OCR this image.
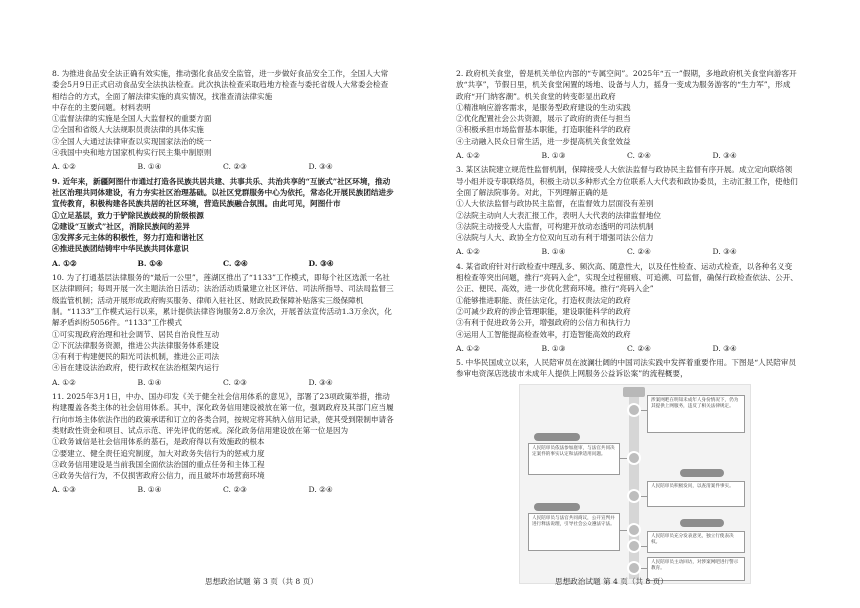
8. 为推进食品安全法正确有效实施，推动强化食品安全监管，进一步做好食品安全工作，全国人大常委会5月9日正式启动食品安全法执法检查。此次执法检查采取趋地方检查与委托省级人大常委会检查相结合的方式，全面了解法律实施的真实情况，找准查清法律实施

中存在的主要问题。材料表明

①监督法律的实施是全国人大监督权的重要方面

②全国和省级人大法规职员责法律的具体实施

③全国人大通过法律审查以实现国家法治的统一

④我国中央和地方国家机构实行民主集中制原则

A. ①②	B. ①④	C. ②③	D. ③④

9. 近年来，新疆阿图什市通过打造各民族共居共建、共事共乐、共治共享的“互嵌式”社区环境，推动社区治理共同体建设，有力夯实社区治理基础。以社区党群服务中心为依托，常态化开展民族团结进步宣传教育，积极构建各民族共居的社区环境，营造民族融合氛围。由此可见，阿图什市

①立足基层，致力于铲除民族歧视的阶级根源

②建设“互嵌式”社区，消除民族间的差异

③发挥多元主体的积极性，努力打造和谐社区

④推进民族团结铸牢中华民族共同体意识

A. ①②	B. ①④	C. ②④	D. ③④

10. 为了打通基层法律服务的“最后一公里”，莲湖区推出了“1133”工作模式，即每个社区选派一名社区法律顾问；每周开展一次主题法治日活动；法治活动质量建立社区评估、司法所指导、司法局监督三级监管机制；活动开展形成政府购买服务、律师入驻社区、财政民政保障补贴落实三级保障机制。“1133”工作模式运行以来，累计提供法律咨询服务2.8万余次，开展普法宣传活动1.3万余次，化解矛盾纠纷5056件。“1133”工作模式

①可实现政府治理和社会调节、居民自治良性互动

②下沉法律服务资源，推进公共法律服务体系建设

③有利于构建便民的阳光司法机制，推进公正司法

④旨在建设法治政府，使行政权在法治框架内运行

A. ①②	B. ①④	C. ②③	D. ③④

11. 2025年3月1日，中办、国办印发《关于健全社会信用体系的意见》，部署了23项政策举措，推动构建覆盖各类主体的社会信用体系。其中，深化政务信用建设被放在第一位，强调政府及其部门应当履行向市场主体依法作出的政策承诺和订立的各类合同，按规定将其纳入信用记录，使其受到限制申请各类财政性资金和项目、试点示范、评先评优的惩戒。深化政务信用建设放在第一位是因为

①政务诚信是社会信用体系的基石，是政府得以有效施政的根本

②要建立、健全责任追究制度，加大对政务失信行为的惩戒力度

③政务信用建设是当前我国全面依法治国的重点任务和主体工程

④政务失信行为，不仅损害政府公信力，而且破坏市场营商环境

A. ①③	B. ①④	C. ②③	D. ②④

思想政治试题 第 3 页（共 8 页）

2. 政府机关食堂，曾是机关单位内部的“专属空间”。2025年“五一”假期，多地政府机关食堂向游客开放“共享”，节假日里，机关食堂闲置的场地、设备与人力，摇身一变成为服务游客的“生力军”，形成政府“开门纳客潮”。机关食堂的转变彰显出政府

①精准响应游客需求，是服务型政府建设的生动实践

②优化配置社会公共资源，展示了政府的责任与担当

③积极承担市场监督基本职能，打造职能科学的政府

④主动融入民众日常生活，进一步提高机关食堂效益

A. ①②	B. ①③	C. ②④	D. ③④

3. 某区法院建立规范性监督机制，保障接受人大依法监督与政协民主监督有序开展。成立定向联络领导小组并设专职联络员，积极主动以多种形式全方位联系人大代表和政协委员，主动汇报工作，使他们全面了解法院事务。对此，下列理解正确的是

①人大依法监督与政协民主监督，在监督效力层面没有差别

②法院主动向人大表汇报工作，表明人大代表的法律监督地位

③法院主动接受人大监督，可构建开放动态透明的司法机制

④法院与人大、政协全方位双向互动有利于增强司法公信力

A. ①②	B. ①④	C. ②④	D. ③④

4. 某省政府针对行政检查中理乱多、频次高、随意性大，以及任性检查、运动式检查，以各种名义变相检查等突出问题，推行“亮码入企”，实现全过程留痕、可追溯、可监督，确保行政检查依法、公开、公正、便民、高效，进一步优化营商环境。推行“亮码入企”

①能够推进职能、责任法定化，打造权责法定的政府

②可减少政府的涉企管理职能，建设职能科学的政府

③有利于促进政务公开，增强政府的公信力和执行力

④运用人工智能提高检查效率，打造智能高效的政府

A. ①②	B. ①③	C. ②④	D. ③④

5. 中华民国成立以来，人民陪审员在波澜壮阔的中国司法实践中发挥着重要作用。下图是“人民陪审员参审电资深店选拔市未成年人提供上网服务公益诉讼案”的流程概要，

涉案网吧在明知未成年人身份情况下，仍为其提供上网服务，违反了相关法律规定。
人民陪审员依法参加庭审，与法官共同决定案件的事实认定和法律适用问题。
人民陪审员积极发问，以查清案件事实。
人民陪审员与法官共同商议，公开宣判并进行释法说理，引导社会公众遵法守法。
人民陪审员充分发表意见，独立行使表决权。
人民陪审员主动回访，对涉案网吧进行警示教育。

思想政治试题 第 4 页（共 8 页）
